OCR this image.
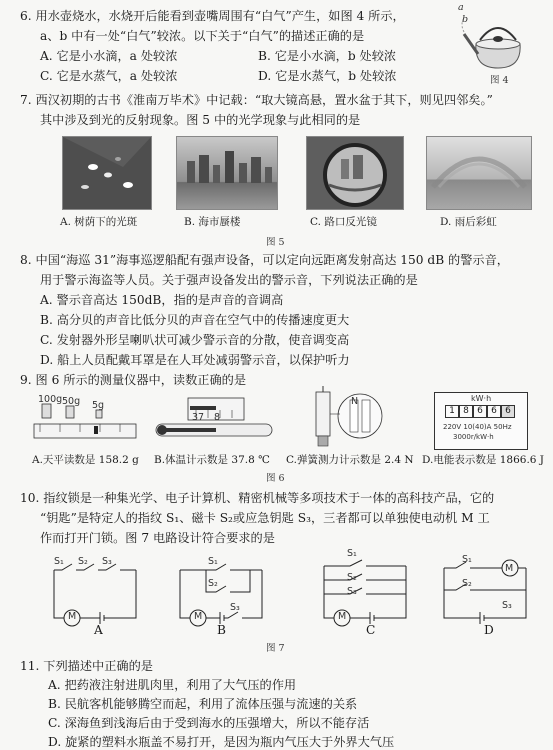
6. 用水壶烧水，水烧开后能看到壶嘴周围有“白气”产生，如图 4 所示，
a、b 中有一处“白气”较浓。以下关于“白气”的描述正确的是
A. 它是小水滴，a 处较浓	B. 它是小水滴，b 处较浓
C. 它是水蒸气，a 处较浓	D. 它是水蒸气，b 处较浓
a
b
图 4
7. 西汉初期的古书《淮南万毕术》中记载：“取大镜高悬，置水盆于其下，则见四邻矣。”
其中涉及到光的反射现象。图 5 中的光学现象与此相同的是
A. 树荫下的光斑	B. 海市蜃楼	C. 路口反光镜	D. 雨后彩虹
图 5
8. 中国“海巡 31”海事巡逻船配有强声设备，可以定向远距离发射高达 150 dB 的警示音，
用于警示海盗等人员。关于强声设备发出的警示音，下列说法正确的是
A. 警示音高达 150dB，指的是声音的音调高
B. 高分贝的声音比低分贝的声音在空气中的传播速度更大
C. 发射器外形呈喇叭状可减少警示音的分散，使音调变高
D. 船上人员配戴耳罩是在人耳处减弱警示音，以保护听力
9. 图 6 所示的测量仪器中，读数正确的是
100g 50g 5g
37 8
N	kW·h
1 8 6 6 6
220V 10(40)A 50Hz
3000r/kW·h
A.天平读数是 158.2 g B.体温计示数是 37.8 ℃ C.弹簧测力计示数是 2.4 N D.电能表示数是 1866.6 J
图 6
10. 指纹锁是一种集光学、电子计算机、精密机械等多项技术于一体的高科技产品，它的
“钥匙”是特定人的指纹 S₁、磁卡 S₂或应急钥匙 S₃，三者都可以单独使电动机 M 工
作而打开门锁。图 7 电路设计符合要求的是
S₁ S₂ S₃
M
A
S₁
S₂
S₃
M
B
S₁
S₂
S₃
M
C
S₁
S₂
S₃
M
D
图 7
11. 下列描述中正确的是
A. 把药液注射进肌肉里，利用了大气压的作用
B. 民航客机能够腾空而起，利用了流体压强与流速的关系
C. 深海鱼到浅海后由于受到海水的压强增大，所以不能存活
D. 旋紧的塑料水瓶盖不易打开，是因为瓶内气压大于外界大气压
